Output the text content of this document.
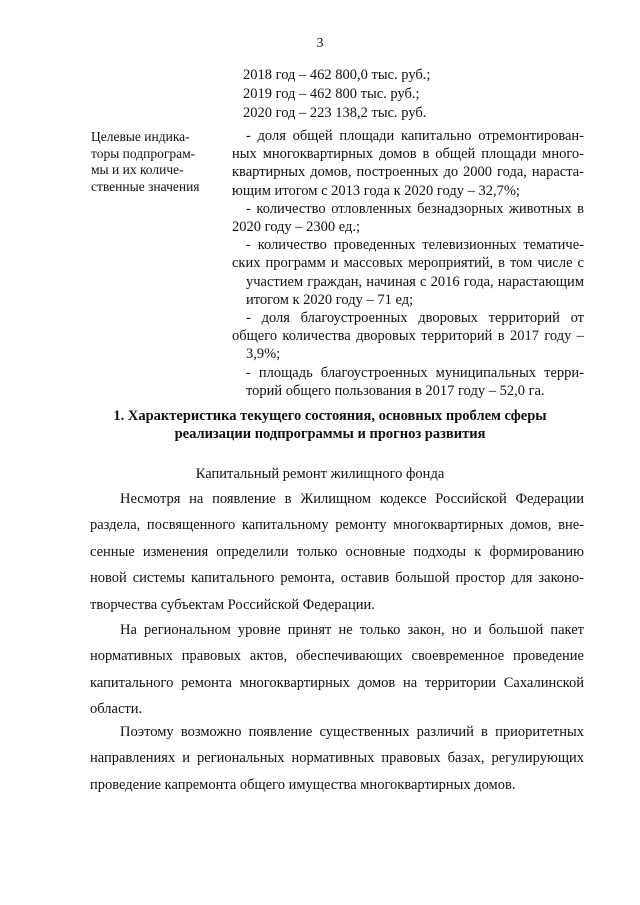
3
2018 год – 462 800,0 тыс. руб.;
2019 год – 462 800 тыс. руб.;
2020 год – 223 138,2 тыс. руб.
Целевые индика-
торы подпрограм-
мы и их количе-
ственные значения
- доля общей площади капитально отремонтирован-
ных многоквартирных домов в общей площади много-
квартирных домов, построенных до 2000 года, нараста-
ющим итогом с 2013 года к 2020 году – 32,7%;
- количество отловленных безнадзорных животных в
2020 году – 2300 ед.;
- количество проведенных телевизионных тематиче-
ских программ и массовых мероприятий, в том числе с
участием граждан, начиная с 2016 года, нарастающим
итогом к 2020 году – 71 ед;
- доля благоустроенных дворовых территорий от
общего количества дворовых территорий в 2017 году –
3,9%;
- площадь благоустроенных муниципальных терри-
торий общего пользования в 2017 году – 52,0 га.
1. Характеристика текущего состояния, основных проблем сферы
реализации подпрограммы и прогноз развития
Капитальный ремонт жилищного фонда
Несмотря на появление в Жилищном кодексе Российской Федерации
раздела, посвященного капитальному ремонту многоквартирных домов, вне-
сенные изменения определили только основные подходы к формированию
новой системы капитального ремонта, оставив большой простор для законо-
творчества субъектам Российской Федерации.
На региональном уровне принят не только закон, но и большой пакет
нормативных правовых актов, обеспечивающих своевременное проведение
капитального ремонта многоквартирных домов на территории Сахалинской
области.
Поэтому возможно появление существенных различий в приоритетных
направлениях и региональных нормативных правовых базах, регулирующих
проведение капремонта общего имущества многоквартирных домов.
